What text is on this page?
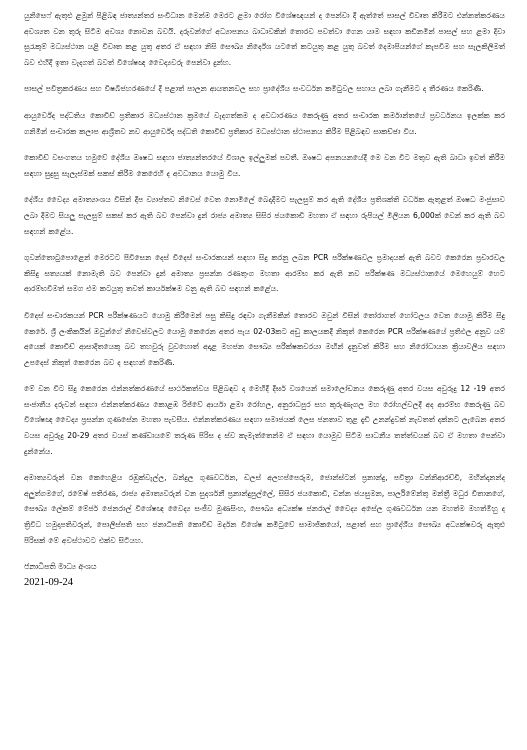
යුනිසෙෆ් ඇතුළු ළමුන් පිළිබඳ ජාත්‍යන්තර සංවිධාන මෙන්ම මෙරට ළමා රෝග විශේෂඥයන් ද පෙන්වා දී ඇත්තේ පාසල් විවෘත කිරීමට එන්නත්කරණය අවශ්‍යත වන තුරු සිටීම අවශ්‍ය නොවන බවයි. දරුවන්ගේ අධ්‍යාපනය බාධාවකින් තොරව පවත්වා ගෙන යාම සඳහා කඩිනමින් පාසල් සහ ළමා දිවා සුරැකුම් මධ්‍යස්ථාන යළි විවෘත කළ යුතු අතර ඒ සඳහා නිසි සෞඛ්‍ය නිර්දේශ යටතේ කටයුතු කළ යුතු බවත් දෙමාපියන්ගේ කැපවීම සහ සැලකිලිමත් බව එහිදී ඉතා වැදගත් බවත් විශේෂඥ වෛද්‍යවරු පෙන්වා දුන්හ.

පාසල් පවිත්‍රකරණය සහ විෂබීජහරණයේ දී පළාත් පාලන ආයතනවල සහ ප්‍රාදේශීය සංවර්ධන කමිටුවල සහාය ලබා ගැනීමට ද තීරණය කෙරිණි.

ආයුර්වේද පද්ධතිය කොවිඩ් ප්‍රතිකාර මධ්‍යස්ථාන ක්‍රමයේ වැදගත්කම ද අවධාරණය කෙරුණු අතර සංචාරක කර්මාන්තයේ ප්‍රවර්ධනය ඉලක්ක කර ගනිමින් සංචාරක කලාප ආශ්‍රිතව නව ආයුර්වේද පද්ධති කොවිඩ් ප්‍රතිකාර මධ්‍යස්ථාන ස්ථාපනය කිරීම පිළිබඳව සාකච්ඡා විය.

කොවිඩ් වසංගතය හමුවේ දේශීය ඖෂධ සඳහා ජාත්‍යන්තරයේ විශාල ඉල්ලුමක් පවතී. ඖෂධ අපනයනයේදී මෙ වන විට මතුව ඇති බාධා ඉවත් කිරීම සඳහා සුදුසු සැලැස්මක් සකස් කිරීම කෙරෙහි ද අවධානය යොමු විය.

දේශීය වෛද්‍ය අමාත්‍යාංශය විසින් දීප ව්‍යාප්තව නිවෙස් වෙත නොමිලේ බෙදාදීමට සැලසුම් කර ඇති දේශීය ප්‍රතිශක්ති වර්ධක ඇතුළත් ඖෂධ මංජුසාව ලබා දීමට සියලු සැලසුම් සකස් කර ඇති බව පෙන්වා දුන් රාජ්‍ය අමාත්‍ය සිසිර ජයකොඩි මහතා ඒ සඳහා රුපියල් මිලියන 6,000ක් වෙන් කර ඇති බව සඳහන් කළේය.

ගුවන්තොටුපොළෙන් මෙරටට පිවිසෙන දෙස් විදෙස් සංචාරකයන් සඳහා සිදු කරනු ලබන PCR පරීක්ෂණවල ප්‍රමාදයක් ඇති බවට කෙරෙන ප්‍රචාරවල කිසිදු සත්‍යයක් නොමැති බව පෙන්වා දුන් අමාත්‍ය ප්‍රසන්න රණතුංග මහතා ආරම්භ කර ඇති නව පරීක්ෂණ මධ්‍යස්ථානයේ මෙහෙයුම් හෙට ආරම්භවීමත් සමග එම කටයුතු තවත් කාර්යක්ෂම වනු ඇති බව සඳහන් කළේය.

විදෙස් සංචාරකයන් PCR පරීක්ෂණයට යොමු කිරීමෙන් පසු කිසිදු රඳවා ගැනීමකින් තොරව ඔවුන් විසින් තෝරාගත් හෝටලය වෙත යොමු කිරීම සිදු කෙරේ. ශ්‍රී ලංකිකයින් ඔවුන්ගේ නිවෙස්වලට යොමු කෙරෙන අතර පැය 02-03කට අඩු කාලයකදී නිකුත් කෙරෙන PCR පරීක්ෂණයේ ප්‍රතිඵල අනුව යම් අයෙක් කොවිඩ් ආසාදිතයෙකු බව තහවුරු වුවහොත් අදාළ මහජන සෞඛ්‍ය පරීක්ෂකවරයා මඟින් දැනුවත් කිරීම සහ නිරෝධායන ක්‍රියාවලිය සඳහා උපදෙස් නිකුත් කෙරෙන බව ද සඳහන් කෙරිණි.

මේ වන විට සිදු කෙරෙන එන්නත්කරණයේ සාර්ථකත්වය පිළිබඳව ද මෙහිදී දීර්ඝ වශයෙන් සමාලෝචනය කෙරුණු අතර වයස අවුරුදු 12 -19 අතර සංජාතීය දරුවන් සඳහා එන්නත්කරණය කොළඹ රිජ්වේ ආර්යා ළමා රෝහල, අනුරාධපුර සහ කුරුණෑගල මහ රෝහල්වලදී අද ආරම්භ කෙරුණු බව විශේෂඥ වෛද්‍ය ප්‍රසන්න ගුණසේන මහතා පැවසීය. එන්නත්කරණය සඳහා සමාජයක් ලෙස ජනතාව තුළ දැඩි උනන්දුවක් නැවතත් දක්නට ලැබෙන අතර වයස අවුරුදු 20-29 අතර වයස් කණ්ඩායමේ තරුණ පිරිස ද ස්ව කැමැත්තෙන්ම ඒ සඳහා යොමුව සිටීම සාධනීය තත්ත්වයක් බව ඒ මහතා පෙන්වා දුන්නේය.

අමාත්‍යවරුන් වන කෙහෙළිය රඹුක්වැල්ල, බන්දුල ගුණවර්ධන, ඩලස් අලහප්පෙරුම, ජොන්ස්ටන් ප්‍රනාන්දු, පවිත්‍රා වන්නිආරච්චි, මහින්දානන්ද අලුත්ගමගේ, රමේෂ් පතිරණ, රාජ්‍ය අමාත්‍යවරුන් වන සුදර්ශනී ප්‍රනාන්දුපුල්ලේ, සිසිර ජයකොඩි, චන්න ජයසුමන, පාර්ලිමේන්තු මන්ත්‍රී මධුර විතානගේ, සෞඛ්‍ය ලේකම් මේජර් ජෙනරාල් විශේෂඥ වෛද්‍ය සංජීව මුණසිංහ, සෞඛ්‍ය අධ්‍යක්ෂ ජනරාල් වෛද්‍ය අසේල ගුණවර්ධන යන මහත්ම මහත්මීහු ද ත්‍රිවිධ හමුදාපතිවරුන්, පොලිස්පති සහ ජනාධිපති කොවිඩ් මර්දන විශේෂ කමිටුවේ සාමාජිකයෝ, පළාත් සහ ප්‍රාදේශීය සෞඛ්‍ය අධ්‍යක්ෂවරු ඇතුළු පිරිසක් මේ අවස්ථාවට එක්ව සිටියහ.

ජනාධිපති මාධ්‍ය අංශය

2021-09-24
